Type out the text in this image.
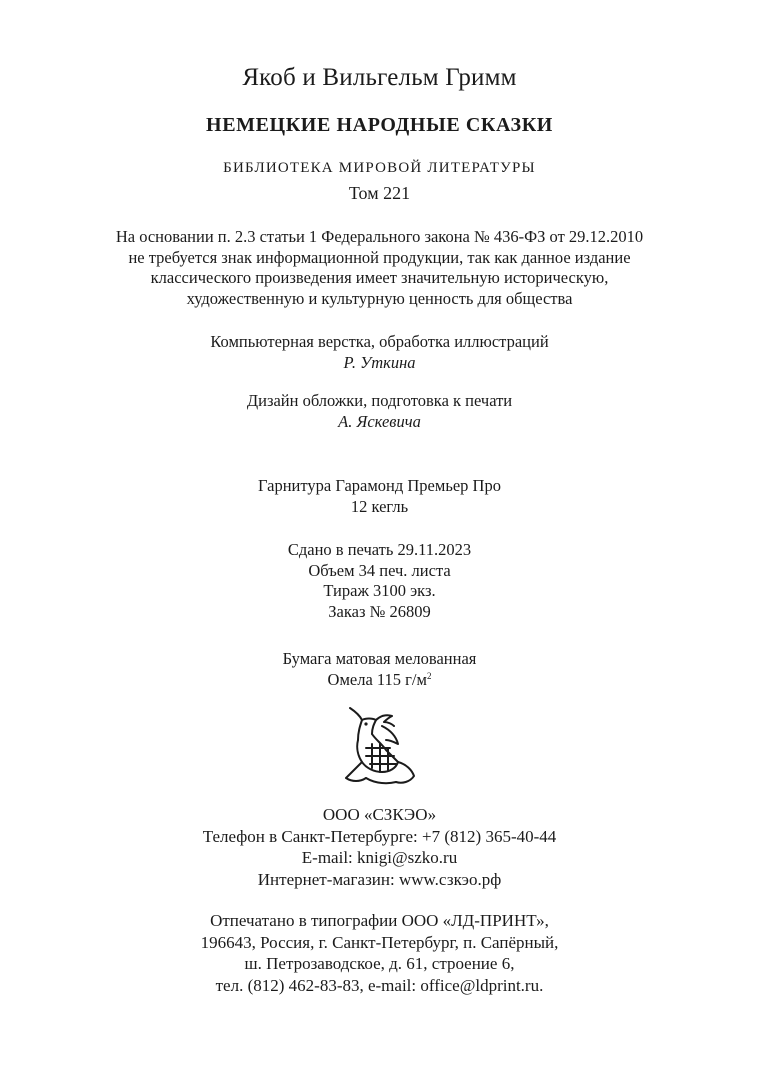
Якоб и Вильгельм Гримм
НЕМЕЦКИЕ НАРОДНЫЕ СКАЗКИ
БИБЛИОТЕКА МИРОВОЙ ЛИТЕРАТУРЫ
Том 221
На основании п. 2.3 статьи 1 Федерального закона № 436-ФЗ от 29.12.2010
не требуется знак информационной продукции, так как данное издание
классического произведения имеет значительную историческую,
художественную и культурную ценность для общества
Компьютерная верстка, обработка иллюстраций
Р. Уткина
Дизайн обложки, подготовка к печати
А. Яскевича
Гарнитура Гарамонд Премьер Про
12 кегль
Сдано в печать 29.11.2023
Объем 34 печ. листа
Тираж 3100 экз.
Заказ № 26809
Бумага матовая мелованная
Омела 115 $г/м^2$
ООО «СЗКЭО»
Телефон в Санкт-Петербурге: +7 (812) 365-40-44
E-mail: knigi@szko.ru
Интернет-магазин: www.сзкэо.рф
Отпечатано в типографии ООО «ЛД-ПРИНТ»,
196643, Россия, г. Санкт-Петербург, п. Сапёрный,
ш. Петрозаводское, д. 61, строение 6,
тел. (812) 462-83-83, e-mail: office@ldprint.ru.
